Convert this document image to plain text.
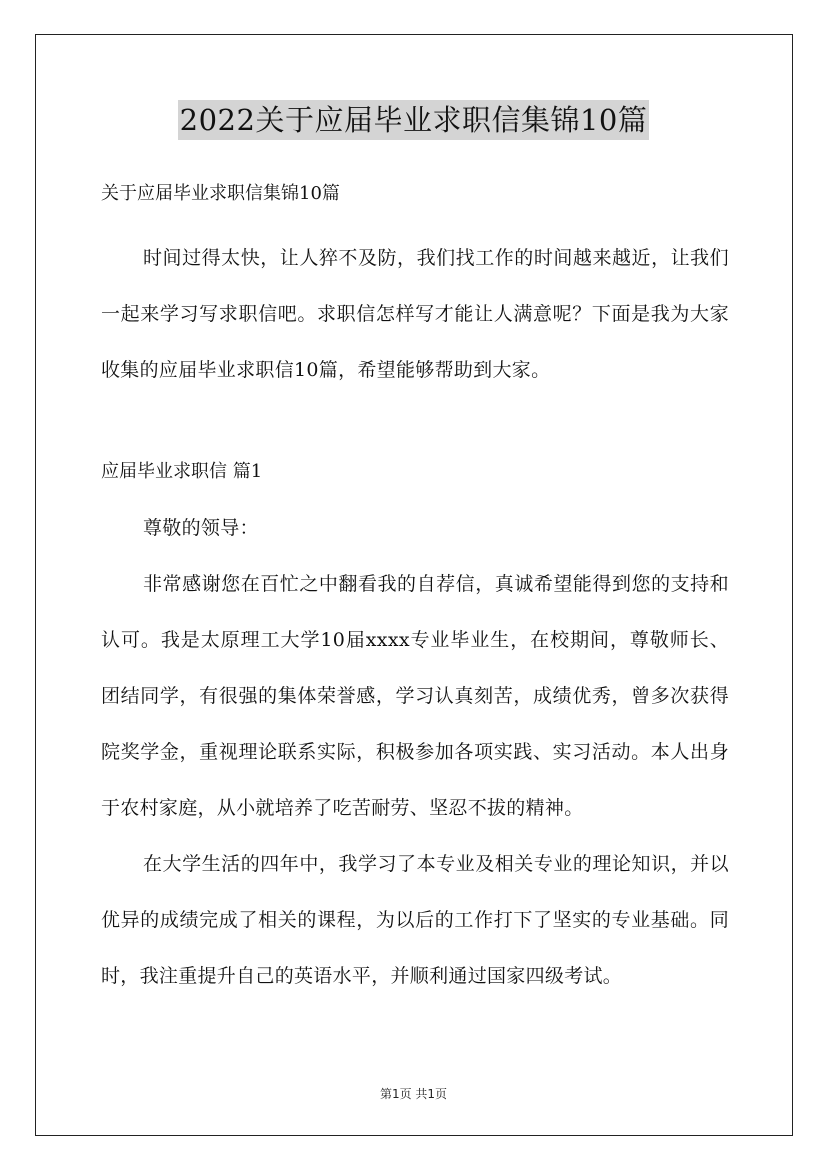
2022关于应届毕业求职信集锦10篇

关于应届毕业求职信集锦10篇

时间过得太快，让人猝不及防，我们找工作的时间越来越近，让我们一起来学习写求职信吧。求职信怎样写才能让人满意呢？下面是我为大家收集的应届毕业求职信10篇，希望能够帮助到大家。

应届毕业求职信 篇1

尊敬的领导：

非常感谢您在百忙之中翻看我的自荐信，真诚希望能得到您的支持和认可。我是太原理工大学10届xxxx专业毕业生，在校期间，尊敬师长、团结同学，有很强的集体荣誉感，学习认真刻苦，成绩优秀，曾多次获得院奖学金，重视理论联系实际，积极参加各项实践、实习活动。本人出身于农村家庭，从小就培养了吃苦耐劳、坚忍不拔的精神。

在大学生活的四年中，我学习了本专业及相关专业的理论知识，并以优异的成绩完成了相关的课程，为以后的工作打下了坚实的专业基础。同时，我注重提升自己的英语水平，并顺利通过国家四级考试。

第1页 共1页
